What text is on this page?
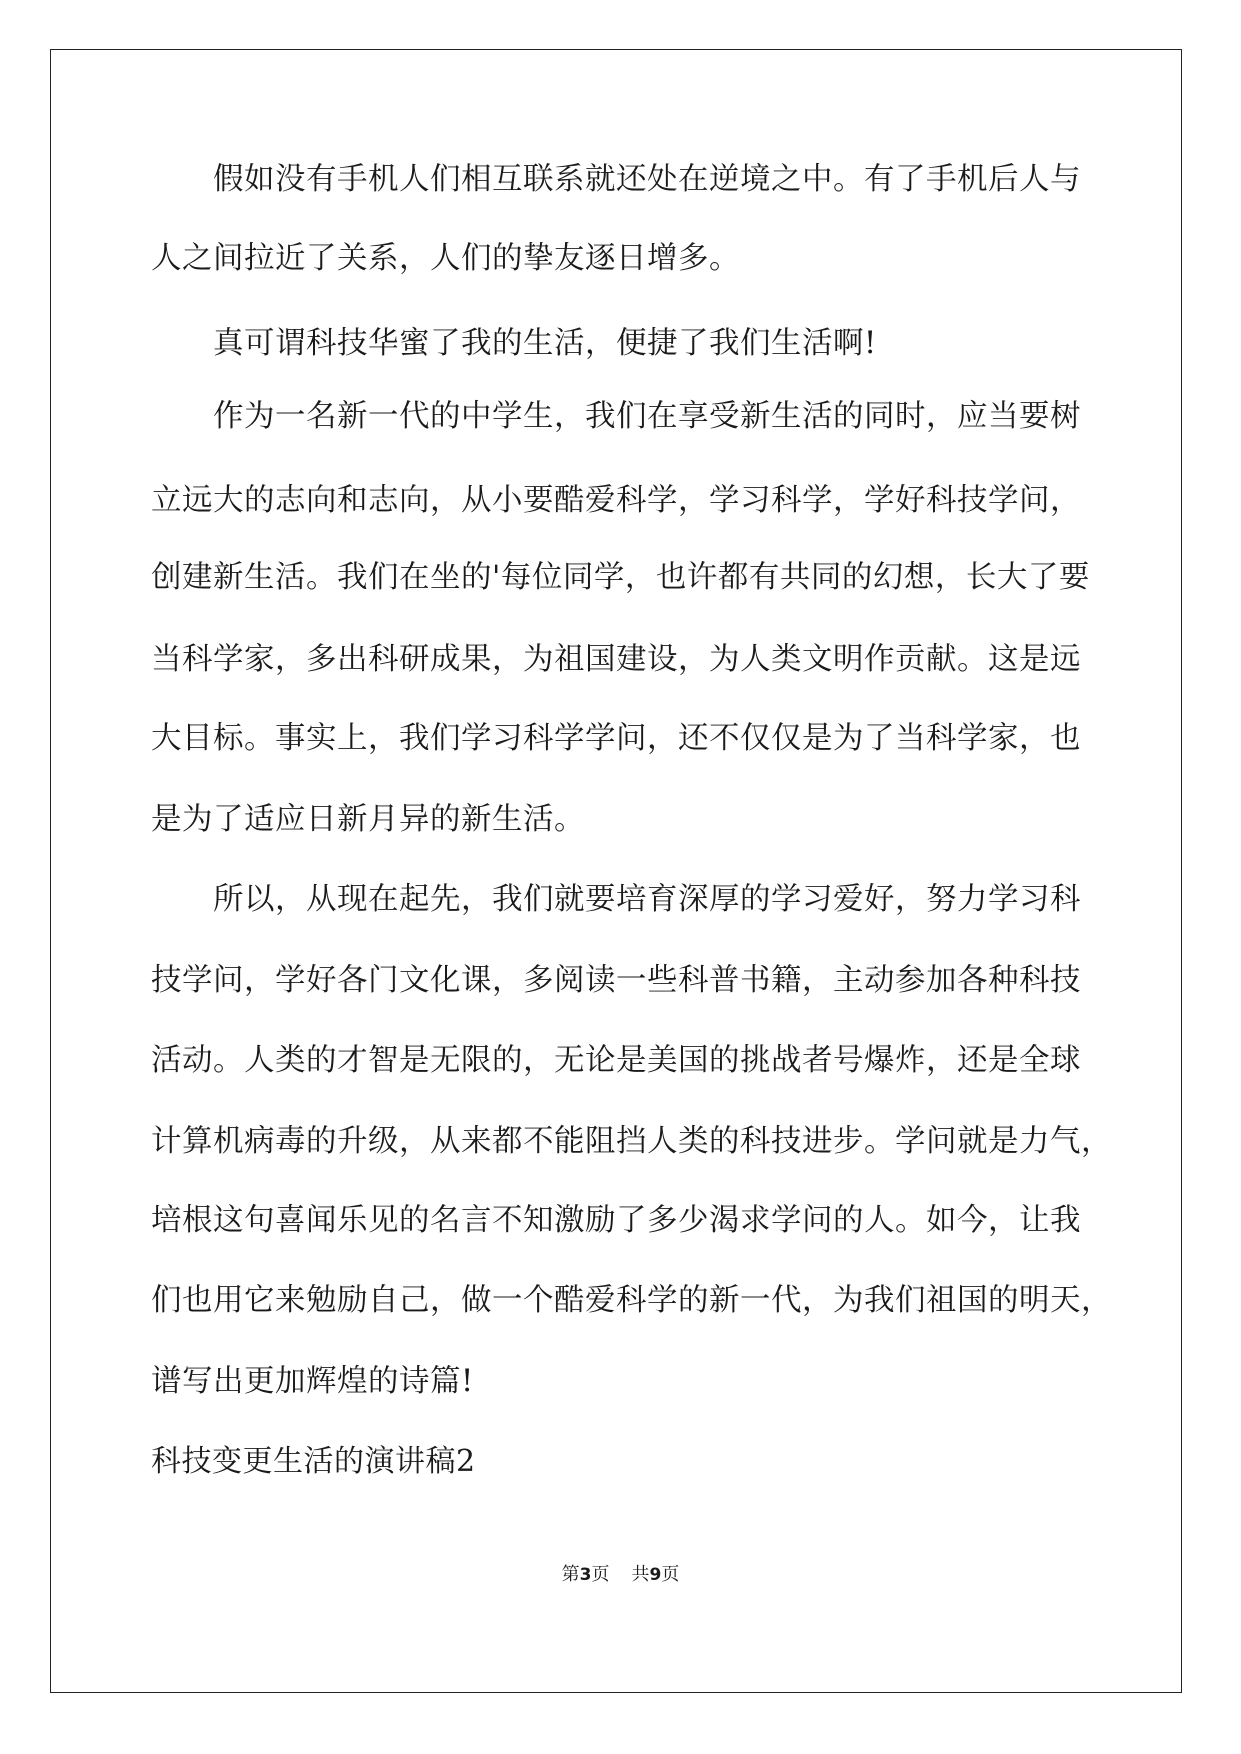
假如没有手机人们相互联系就还处在逆境之中。有了手机后人与
人之间拉近了关系，人们的挚友逐日增多。
真可谓科技华蜜了我的生活，便捷了我们生活啊!
作为一名新一代的中学生，我们在享受新生活的同时，应当要树
立远大的志向和志向，从小要酷爱科学，学习科学，学好科技学问，
创建新生活。我们在坐的'每位同学，也许都有共同的幻想，长大了要
当科学家，多出科研成果，为祖国建设，为人类文明作贡献。这是远
大目标。事实上，我们学习科学学问，还不仅仅是为了当科学家，也
是为了适应日新月异的新生活。
所以，从现在起先，我们就要培育深厚的学习爱好，努力学习科
技学问，学好各门文化课，多阅读一些科普书籍，主动参加各种科技
活动。人类的才智是无限的，无论是美国的挑战者号爆炸，还是全球
计算机病毒的升级，从来都不能阻挡人类的科技进步。学问就是力气，
培根这句喜闻乐见的名言不知激励了多少渴求学问的人。如今，让我
们也用它来勉励自己，做一个酷爱科学的新一代，为我们祖国的明天，
谱写出更加辉煌的诗篇!
科技变更生活的演讲稿2
第3页 共9页
